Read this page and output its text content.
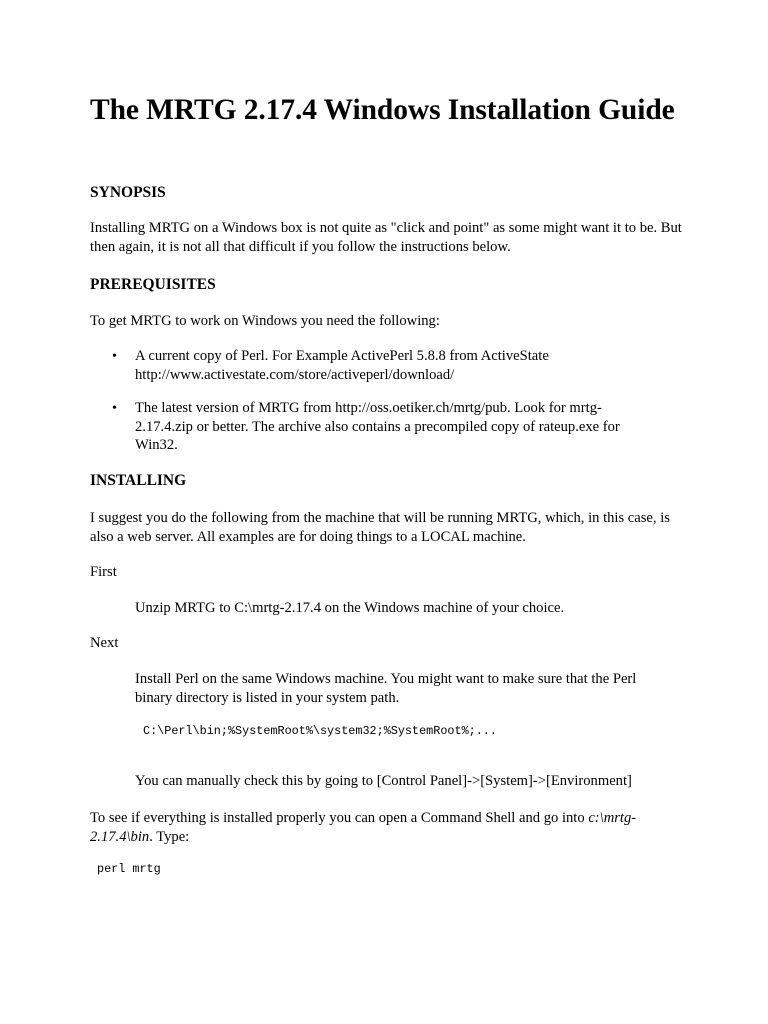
The MRTG 2.17.4 Windows Installation Guide
SYNOPSIS

Installing MRTG on a Windows box is not quite as "click and point" as some might want it to be. But then again, it is not all that difficult if you follow the instructions below.

PREREQUISITES

To get MRTG to work on Windows you need the following:

• A current copy of Perl. For Example ActivePerl 5.8.8 from ActiveState http://www.activestate.com/store/activeperl/download/

• The latest version of MRTG from http://oss.oetiker.ch/mrtg/pub. Look for mrtg-2.17.4.zip or better. The archive also contains a precompiled copy of rateup.exe for Win32.

INSTALLING

I suggest you do the following from the machine that will be running MRTG, which, in this case, is also a web server. All examples are for doing things to a LOCAL machine.

First

Unzip MRTG to C:\mrtg-2.17.4 on the Windows machine of your choice.

Next

Install Perl on the same Windows machine. You might want to make sure that the Perl binary directory is listed in your system path.

C:\Perl\bin;%SystemRoot%\system32;%SystemRoot%;...

You can manually check this by going to [Control Panel]->[System]->[Environment]

To see if everything is installed properly you can open a Command Shell and go into c:\mrtg-2.17.4\bin. Type:

perl mrtg
